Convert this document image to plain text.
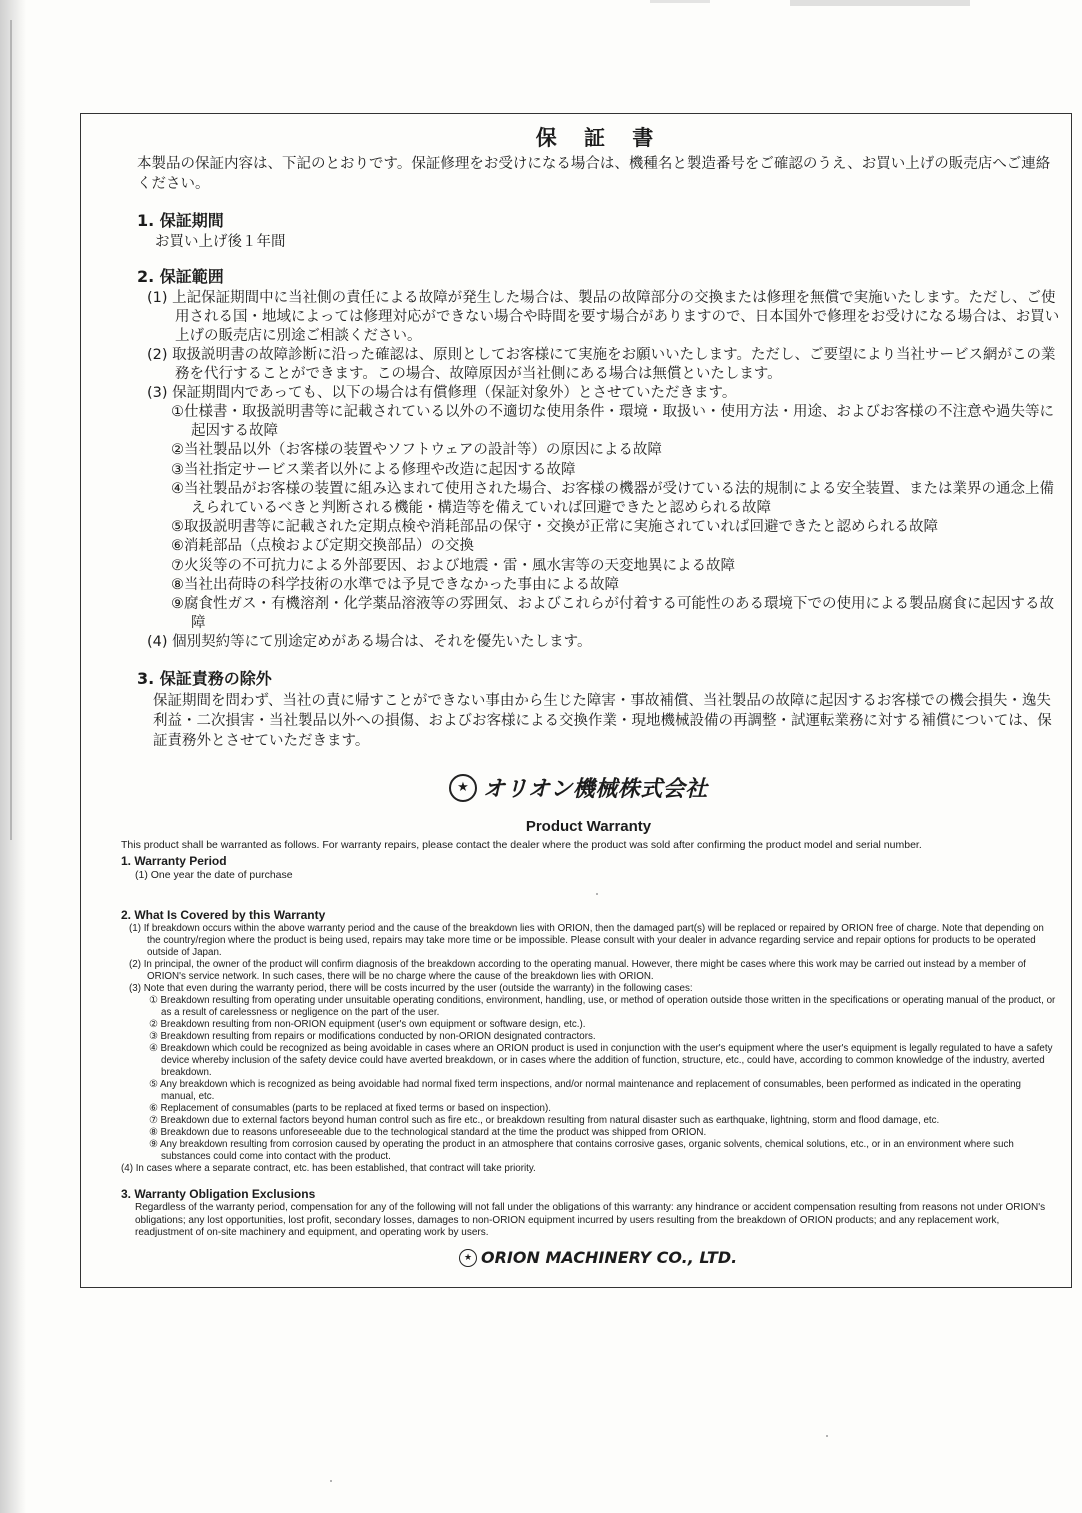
保 証 書
本製品の保証内容は、下記のとおりです。保証修理をお受けになる場合は、機種名と製造番号をご確認のうえ、お買い上げの販売店へご連絡ください。
1. 保証期間
お買い上げ後１年間
2. 保証範囲
(1) 上記保証期間中に当社側の責任による故障が発生した場合は、製品の故障部分の交換または修理を無償で実施いたします。ただし、ご使用される国・地域によっては修理対応ができない場合や時間を要す場合がありますので、日本国外で修理をお受けになる場合は、お買い上げの販売店に別途ご相談ください。
(2) 取扱説明書の故障診断に沿った確認は、原則としてお客様にて実施をお願いいたします。ただし、ご要望により当社サービス網がこの業務を代行することができます。この場合、故障原因が当社側にある場合は無償といたします。
(3) 保証期間内であっても、以下の場合は有償修理（保証対象外）とさせていただきます。
①仕様書・取扱説明書等に記載されている以外の不適切な使用条件・環境・取扱い・使用方法・用途、およびお客様の不注意や過失等に起因する故障
②当社製品以外（お客様の装置やソフトウェアの設計等）の原因による故障
③当社指定サービス業者以外による修理や改造に起因する故障
④当社製品がお客様の装置に組み込まれて使用された場合、お客様の機器が受けている法的規制による安全装置、または業界の通念上備えられているべきと判断される機能・構造等を備えていれば回避できたと認められる故障
⑤取扱説明書等に記載された定期点検や消耗部品の保守・交換が正常に実施されていれば回避できたと認められる故障
⑥消耗部品（点検および定期交換部品）の交換
⑦火災等の不可抗力による外部要因、および地震・雷・風水害等の天変地異による故障
⑧当社出荷時の科学技術の水準では予見できなかった事由による故障
⑨腐食性ガス・有機溶剤・化学薬品溶液等の雰囲気、およびこれらが付着する可能性のある環境下での使用による製品腐食に起因する故障
(4) 個別契約等にて別途定めがある場合は、それを優先いたします。
3. 保証責務の除外
保証期間を問わず、当社の責に帰すことができない事由から生じた障害・事故補償、当社製品の故障に起因するお客様での機会損失・逸失利益・二次損害・当社製品以外への損傷、およびお客様による交換作業・現地機械設備の再調整・試運転業務に対する補償については、保証責務外とさせていただきます。
★ オリオン機械株式会社
Product Warranty
This product shall be warranted as follows. For warranty repairs, please contact the dealer where the product was sold after confirming the product model and serial number.
1. Warranty Period
(1) One year the date of purchase
2. What Is Covered by this Warranty
(1) If breakdown occurs within the above warranty period and the cause of the breakdown lies with ORION, then the damaged part(s) will be replaced or repaired by ORION free of charge. Note that depending on the country/region where the product is being used, repairs may take more time or be impossible. Please consult with your dealer in advance regarding service and repair options for products to be operated outside of Japan.
(2) In principal, the owner of the product will confirm diagnosis of the breakdown according to the operating manual. However, there might be cases where this work may be carried out instead by a member of ORION's service network. In such cases, there will be no charge where the cause of the breakdown lies with ORION.
(3) Note that even during the warranty period, there will be costs incurred by the user (outside the warranty) in the following cases:
① Breakdown resulting from operating under unsuitable operating conditions, environment, handling, use, or method of operation outside those written in the specifications or operating manual of the product, or as a result of carelessness or negligence on the part of the user.
② Breakdown resulting from non-ORION equipment (user's own equipment or software design, etc.).
③ Breakdown resulting from repairs or modifications conducted by non-ORION designated contractors.
④ Breakdown which could be recognized as being avoidable in cases where an ORION product is used in conjunction with the user's equipment where the user's equipment is legally regulated to have a safety device whereby inclusion of the safety device could have averted breakdown, or in cases where the addition of function, structure, etc., could have, according to common knowledge of the industry, averted breakdown.
⑤ Any breakdown which is recognized as being avoidable had normal fixed term inspections, and/or normal maintenance and replacement of consumables, been performed as indicated in the operating manual, etc.
⑥ Replacement of consumables (parts to be replaced at fixed terms or based on inspection).
⑦ Breakdown due to external factors beyond human control such as fire etc., or breakdown resulting from natural disaster such as earthquake, lightning, storm and flood damage, etc.
⑧ Breakdown due to reasons unforeseeable due to the technological standard at the time the product was shipped from ORION.
⑨ Any breakdown resulting from corrosion caused by operating the product in an atmosphere that contains corrosive gases, organic solvents, chemical solutions, etc., or in an environment where such substances could come into contact with the product.
(4) In cases where a separate contract, etc. has been established, that contract will take priority.
3. Warranty Obligation Exclusions
Regardless of the warranty period, compensation for any of the following will not fall under the obligations of this warranty: any hindrance or accident compensation resulting from reasons not under ORION's obligations; any lost opportunities, lost profit, secondary losses, damages to non-ORION equipment incurred by users resulting from the breakdown of ORION products; and any replacement work, readjustment of on-site machinery and equipment, and operating work by users.
★ ORION MACHINERY CO., LTD.
